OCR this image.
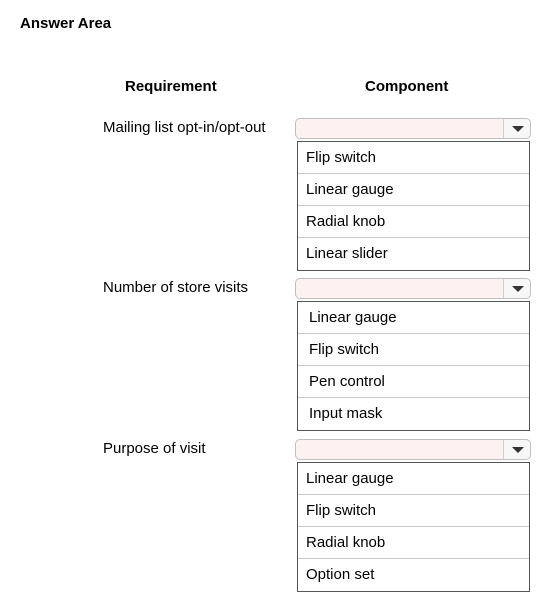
Answer Area
Requirement	Component
Mailing list opt-in/opt-out
Flip switch
Linear gauge
Radial knob
Linear slider
Number of store visits
Linear gauge
Flip switch
Pen control
Input mask
Purpose of visit
Linear gauge
Flip switch
Radial knob
Option set
